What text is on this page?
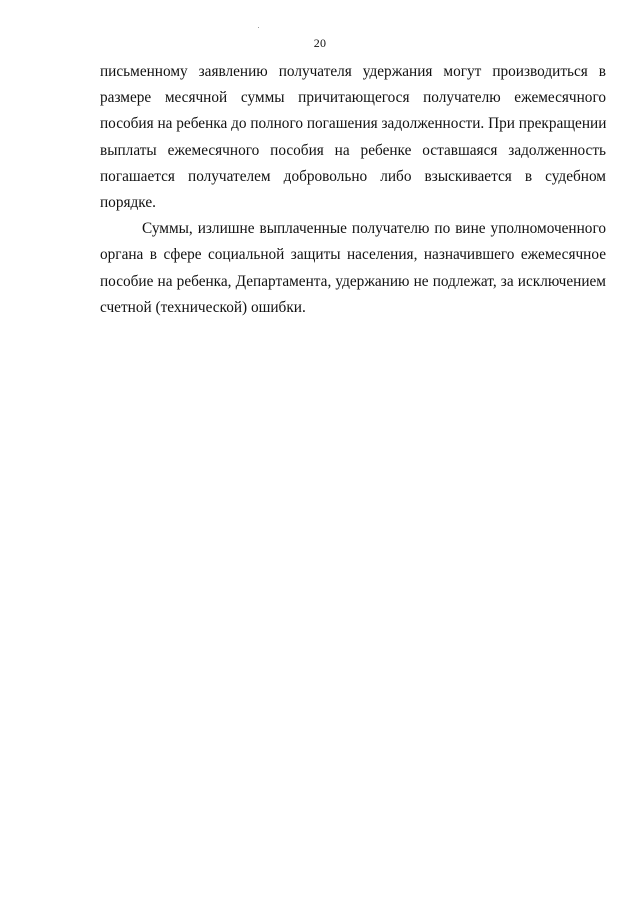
20

письменному заявлению получателя удержания могут производиться в
размере месячной суммы причитающегося получателю ежемесячного
пособия на ребенка до полного погашения задолженности. При прекращении
выплаты ежемесячного пособия на ребенке оставшаяся задолженность
погашается получателем добровольно либо взыскивается в судебном
порядке.

Суммы, излишне выплаченные получателю по вине уполномоченного
органа в сфере социальной защиты населения, назначившего ежемесячное
пособие на ребенка, Департамента, удержанию не подлежат, за исключением
счетной (технической) ошибки.
